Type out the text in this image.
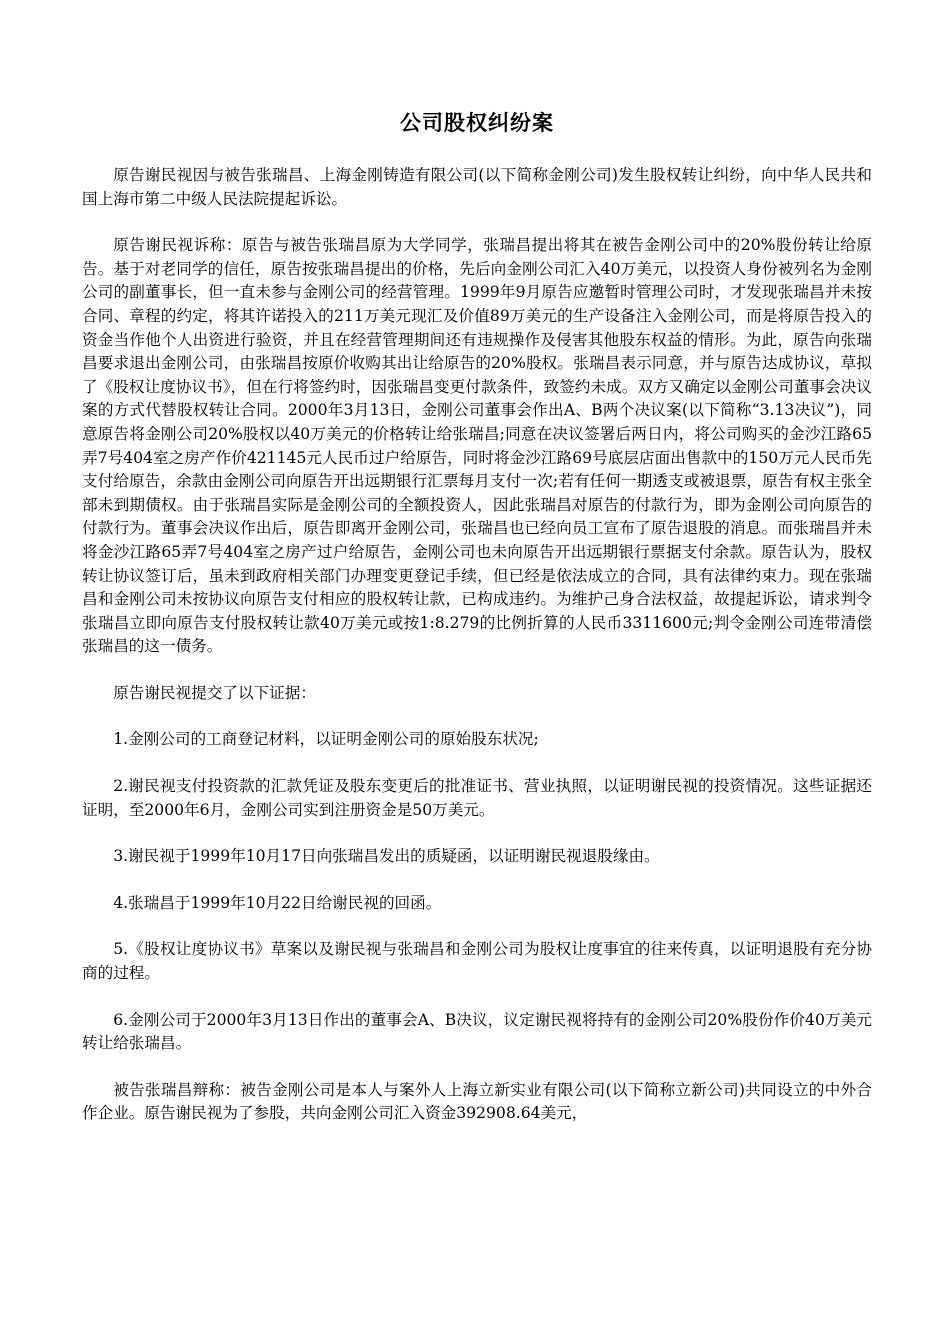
公司股权纠纷案

原告谢民视因与被告张瑞昌、上海金刚铸造有限公司(以下简称金刚公司)发生股权转让纠纷，向中华人民共和国上海市第二中级人民法院提起诉讼。

原告谢民视诉称：原告与被告张瑞昌原为大学同学，张瑞昌提出将其在被告金刚公司中的20%股份转让给原告。基于对老同学的信任，原告按张瑞昌提出的价格，先后向金刚公司汇入40万美元，以投资人身份被列名为金刚公司的副董事长，但一直未参与金刚公司的经营管理。1999年9月原告应邀暂时管理公司时，才发现张瑞昌并未按合同、章程的约定，将其许诺投入的211万美元现汇及价值89万美元的生产设备注入金刚公司，而是将原告投入的资金当作他个人出资进行验资，并且在经营管理期间还有违规操作及侵害其他股东权益的情形。为此，原告向张瑞昌要求退出金刚公司，由张瑞昌按原价收购其出让给原告的20%股权。张瑞昌表示同意，并与原告达成协议，草拟了《股权让度协议书》，但在行将签约时，因张瑞昌变更付款条件，致签约未成。双方又确定以金刚公司董事会决议案的方式代替股权转让合同。2000年3月13日，金刚公司董事会作出A、B两个决议案(以下简称“3.13决议”)，同意原告将金刚公司20%股权以40万美元的价格转让给张瑞昌;同意在决议签署后两日内，将公司购买的金沙江路65弄7号404室之房产作价421145元人民币过户给原告，同时将金沙江路69号底层店面出售款中的150万元人民币先支付给原告，余款由金刚公司向原告开出远期银行汇票每月支付一次;若有任何一期透支或被退票，原告有权主张全部未到期债权。由于张瑞昌实际是金刚公司的全额投资人，因此张瑞昌对原告的付款行为，即为金刚公司向原告的付款行为。董事会决议作出后，原告即离开金刚公司，张瑞昌也已经向员工宣布了原告退股的消息。而张瑞昌并未将金沙江路65弄7号404室之房产过户给原告，金刚公司也未向原告开出远期银行票据支付余款。原告认为，股权转让协议签订后，虽未到政府相关部门办理变更登记手续，但已经是依法成立的合同，具有法律约束力。现在张瑞昌和金刚公司未按协议向原告支付相应的股权转让款，已构成违约。为维护己身合法权益，故提起诉讼，请求判令张瑞昌立即向原告支付股权转让款40万美元或按1:8.279的比例折算的人民币3311600元;判令金刚公司连带清偿张瑞昌的这一债务。

原告谢民视提交了以下证据：

1.金刚公司的工商登记材料，以证明金刚公司的原始股东状况;

2.谢民视支付投资款的汇款凭证及股东变更后的批准证书、营业执照，以证明谢民视的投资情况。这些证据还证明，至2000年6月，金刚公司实到注册资金是50万美元。

3.谢民视于1999年10月17日向张瑞昌发出的质疑函，以证明谢民视退股缘由。

4.张瑞昌于1999年10月22日给谢民视的回函。

5.《股权让度协议书》草案以及谢民视与张瑞昌和金刚公司为股权让度事宜的往来传真，以证明退股有充分协商的过程。

6.金刚公司于2000年3月13日作出的董事会A、B决议，议定谢民视将持有的金刚公司20%股份作价40万美元转让给张瑞昌。

被告张瑞昌辩称：被告金刚公司是本人与案外人上海立新实业有限公司(以下简称立新公司)共同设立的中外合作企业。原告谢民视为了参股，共向金刚公司汇入资金392908.64美元，
